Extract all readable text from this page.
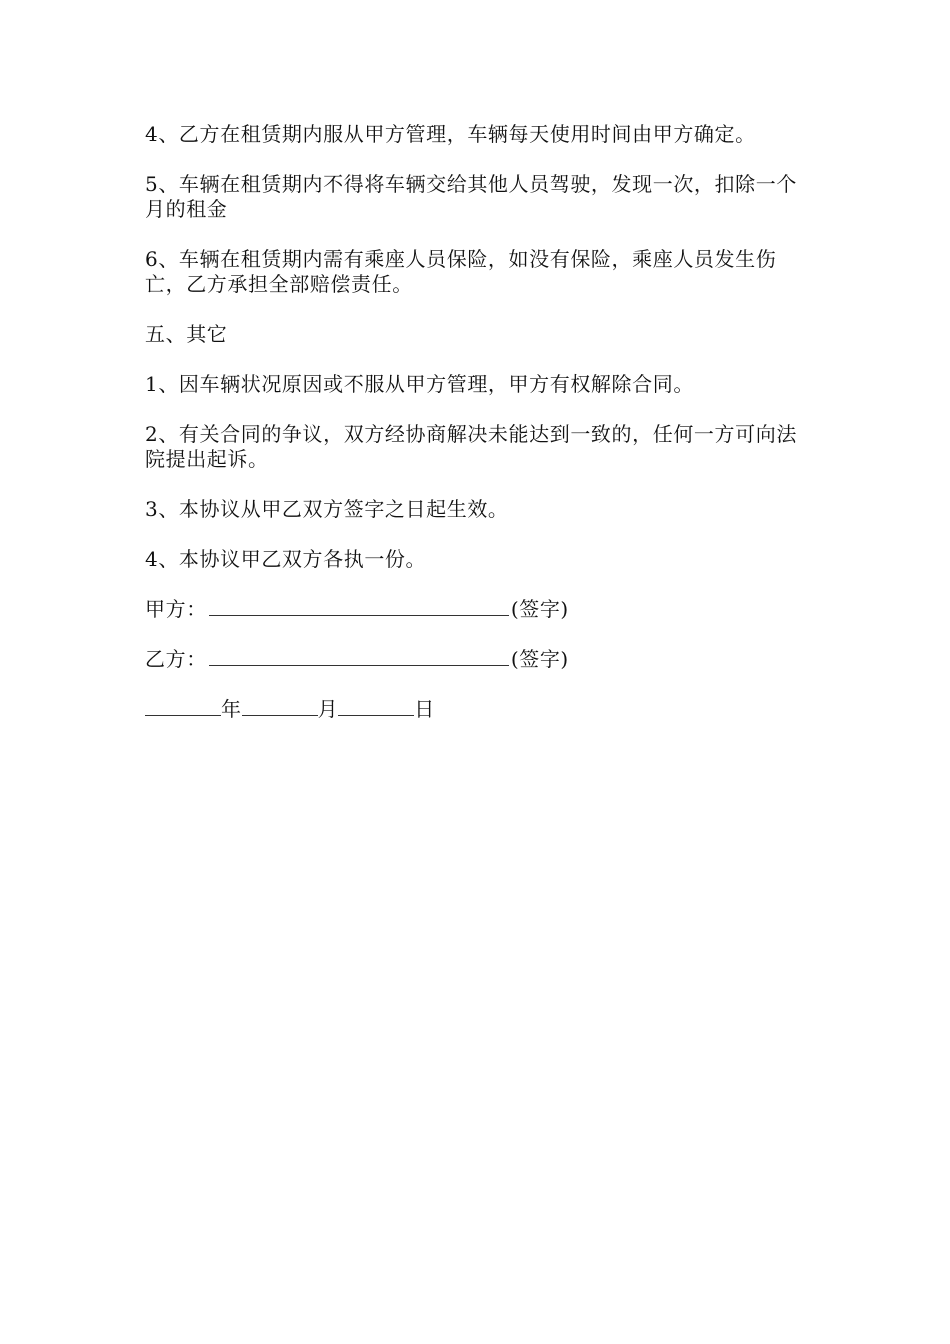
4、乙方在租赁期内服从甲方管理，车辆每天使用时间由甲方确定。

5、车辆在租赁期内不得将车辆交给其他人员驾驶，发现一次，扣除一个月的租金

6、车辆在租赁期内需有乘座人员保险，如没有保险，乘座人员发生伤亡，乙方承担全部赔偿责任。

五、其它

1、因车辆状况原因或不服从甲方管理，甲方有权解除合同。

2、有关合同的争议，双方经协商解决未能达到一致的，任何一方可向法院提出起诉。

3、本协议从甲乙双方签字之日起生效。

4、本协议甲乙双方各执一份。

甲方：	(签字)
乙方：	(签字)
年	月	日
